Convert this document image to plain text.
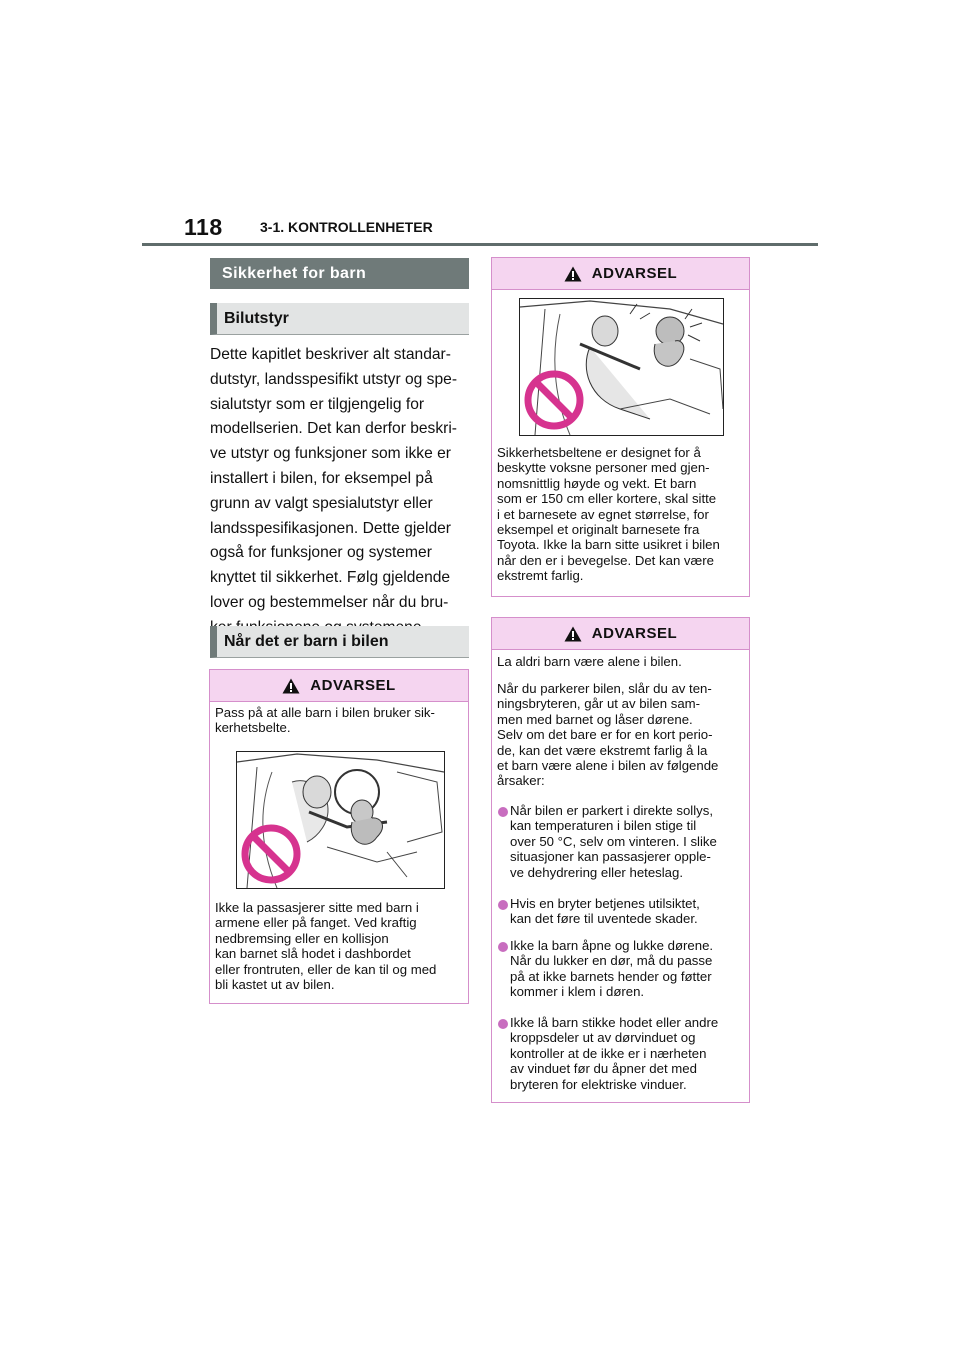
118	3-1. KONTROLLENHETER
Sikkerhet for barn
Bilutstyr
Dette kapitlet beskriver alt standar-
dutstyr, landsspesifikt utstyr og spe-
sialutstyr som er tilgjengelig for
modellserien. Det kan derfor beskri-
ve utstyr og funksjoner som ikke er
installert i bilen, for eksempel på
grunn av valgt spesialutstyr eller
landsspesifikasjonen. Dette gjelder
også for funksjoner og systemer
knyttet til sikkerhet. Følg gjeldende
lover og bestemmelser når du bru-
Når det er barn i bilen
ADVARSEL
Pass på at alle barn i bilen bruker sik-
kerhetsbelte.
Ikke la passasjerer sitte med barn i
armene eller på fanget. Ved kraftig
nedbremsing eller en kollisjon
kan barnet slå hodet i dashbordet
eller frontruten, eller de kan til og med
bli kastet ut av bilen.
ADVARSEL
Sikkerhetsbeltene er designet for å
beskytte voksne personer med gjen-
nomsnittlig høyde og vekt. Et barn
som er 150 cm eller kortere, skal sitte
i et barnesete av egnet størrelse, for
eksempel et originalt barnesete fra
Toyota. Ikke la barn sitte usikret i bilen
når den er i bevegelse. Det kan være
ekstremt farlig.
ADVARSEL
La aldri barn være alene i bilen.
Når du parkerer bilen, slår du av ten-
ningsbryteren, går ut av bilen sam-
men med barnet og låser dørene.
Selv om det bare er for en kort perio-
de, kan det være ekstremt farlig å la
et barn være alene i bilen av følgende
årsaker:
Når bilen er parkert i direkte sollys,
kan temperaturen i bilen stige til
over 50 °C, selv om vinteren. I slike
situasjoner kan passasjerer opple-
ve dehydrering eller heteslag.
Hvis en bryter betjenes utilsiktet,
kan det føre til uventede skader.
Ikke la barn åpne og lukke dørene.
Når du lukker en dør, må du passe
på at ikke barnets hender og føtter
kommer i klem i døren.
Ikke lå barn stikke hodet eller andre
kroppsdeler ut av dørvinduet og
kontroller at de ikke er i nærheten
av vinduet før du åpner det med
bryteren for elektriske vinduer.
